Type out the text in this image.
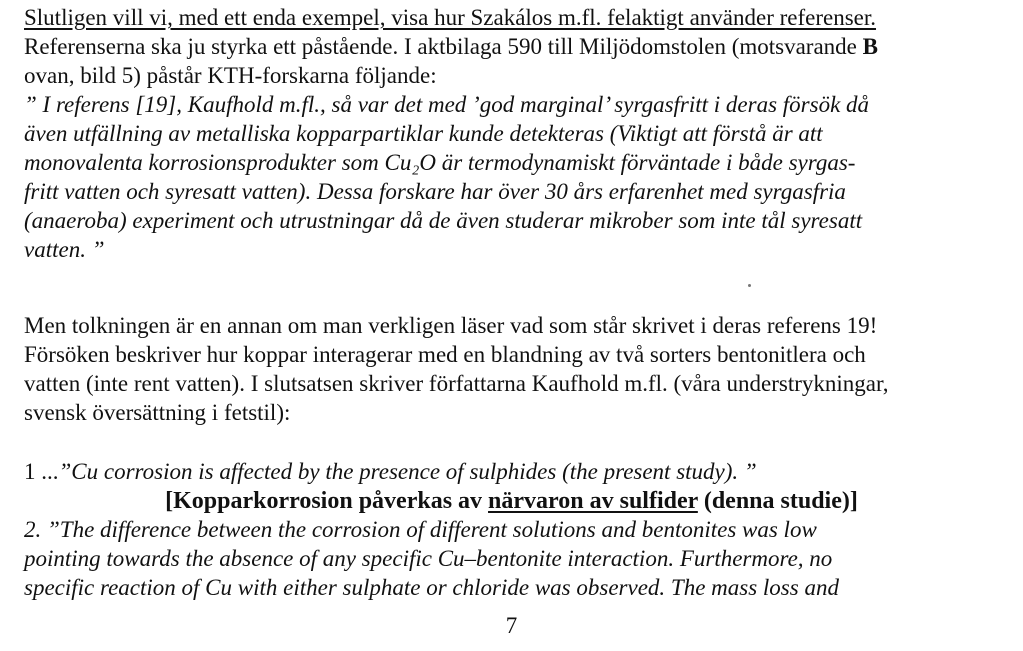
Slutligen vill vi, med ett enda exempel, visa hur Szakálos m.fl. felaktigt använder referenser.
Referenserna ska ju styrka ett påstående. I aktbilaga 590 till Miljödomstolen (motsvarande B
ovan, bild 5) påstår KTH-forskarna följande:
” I referens [19], Kaufhold m.fl., så var det med ’god marginal’ syrgasfritt i deras försök då
även utfällning av metalliska kopparpartiklar kunde detekteras (Viktigt att förstå är att
monovalenta korrosionsprodukter som Cu₂O är termodynamiskt förväntade i både syrgas-
fritt vatten och syresatt vatten). Dessa forskare har över 30 års erfarenhet med syrgasfria
(anaeroba) experiment och utrustningar då de även studerar mikrober som inte tål syresatt
vatten. ”
Men tolkningen är en annan om man verkligen läser vad som står skrivet i deras referens 19!
Försöken beskriver hur koppar interagerar med en blandning av två sorters bentonitlera och
vatten (inte rent vatten). I slutsatsen skriver författarna Kaufhold m.fl. (våra understrykningar,
svensk översättning i fetstil):
1 ...”Cu corrosion is affected by the presence of sulphides (the present study). ”
[Kopparkorrosion påverkas av närvaron av sulfider (denna studie)]
2. ”The difference between the corrosion of different solutions and bentonites was low
pointing towards the absence of any specific Cu–bentonite interaction. Furthermore, no
specific reaction of Cu with either sulphate or chloride was observed. The mass loss and
7
